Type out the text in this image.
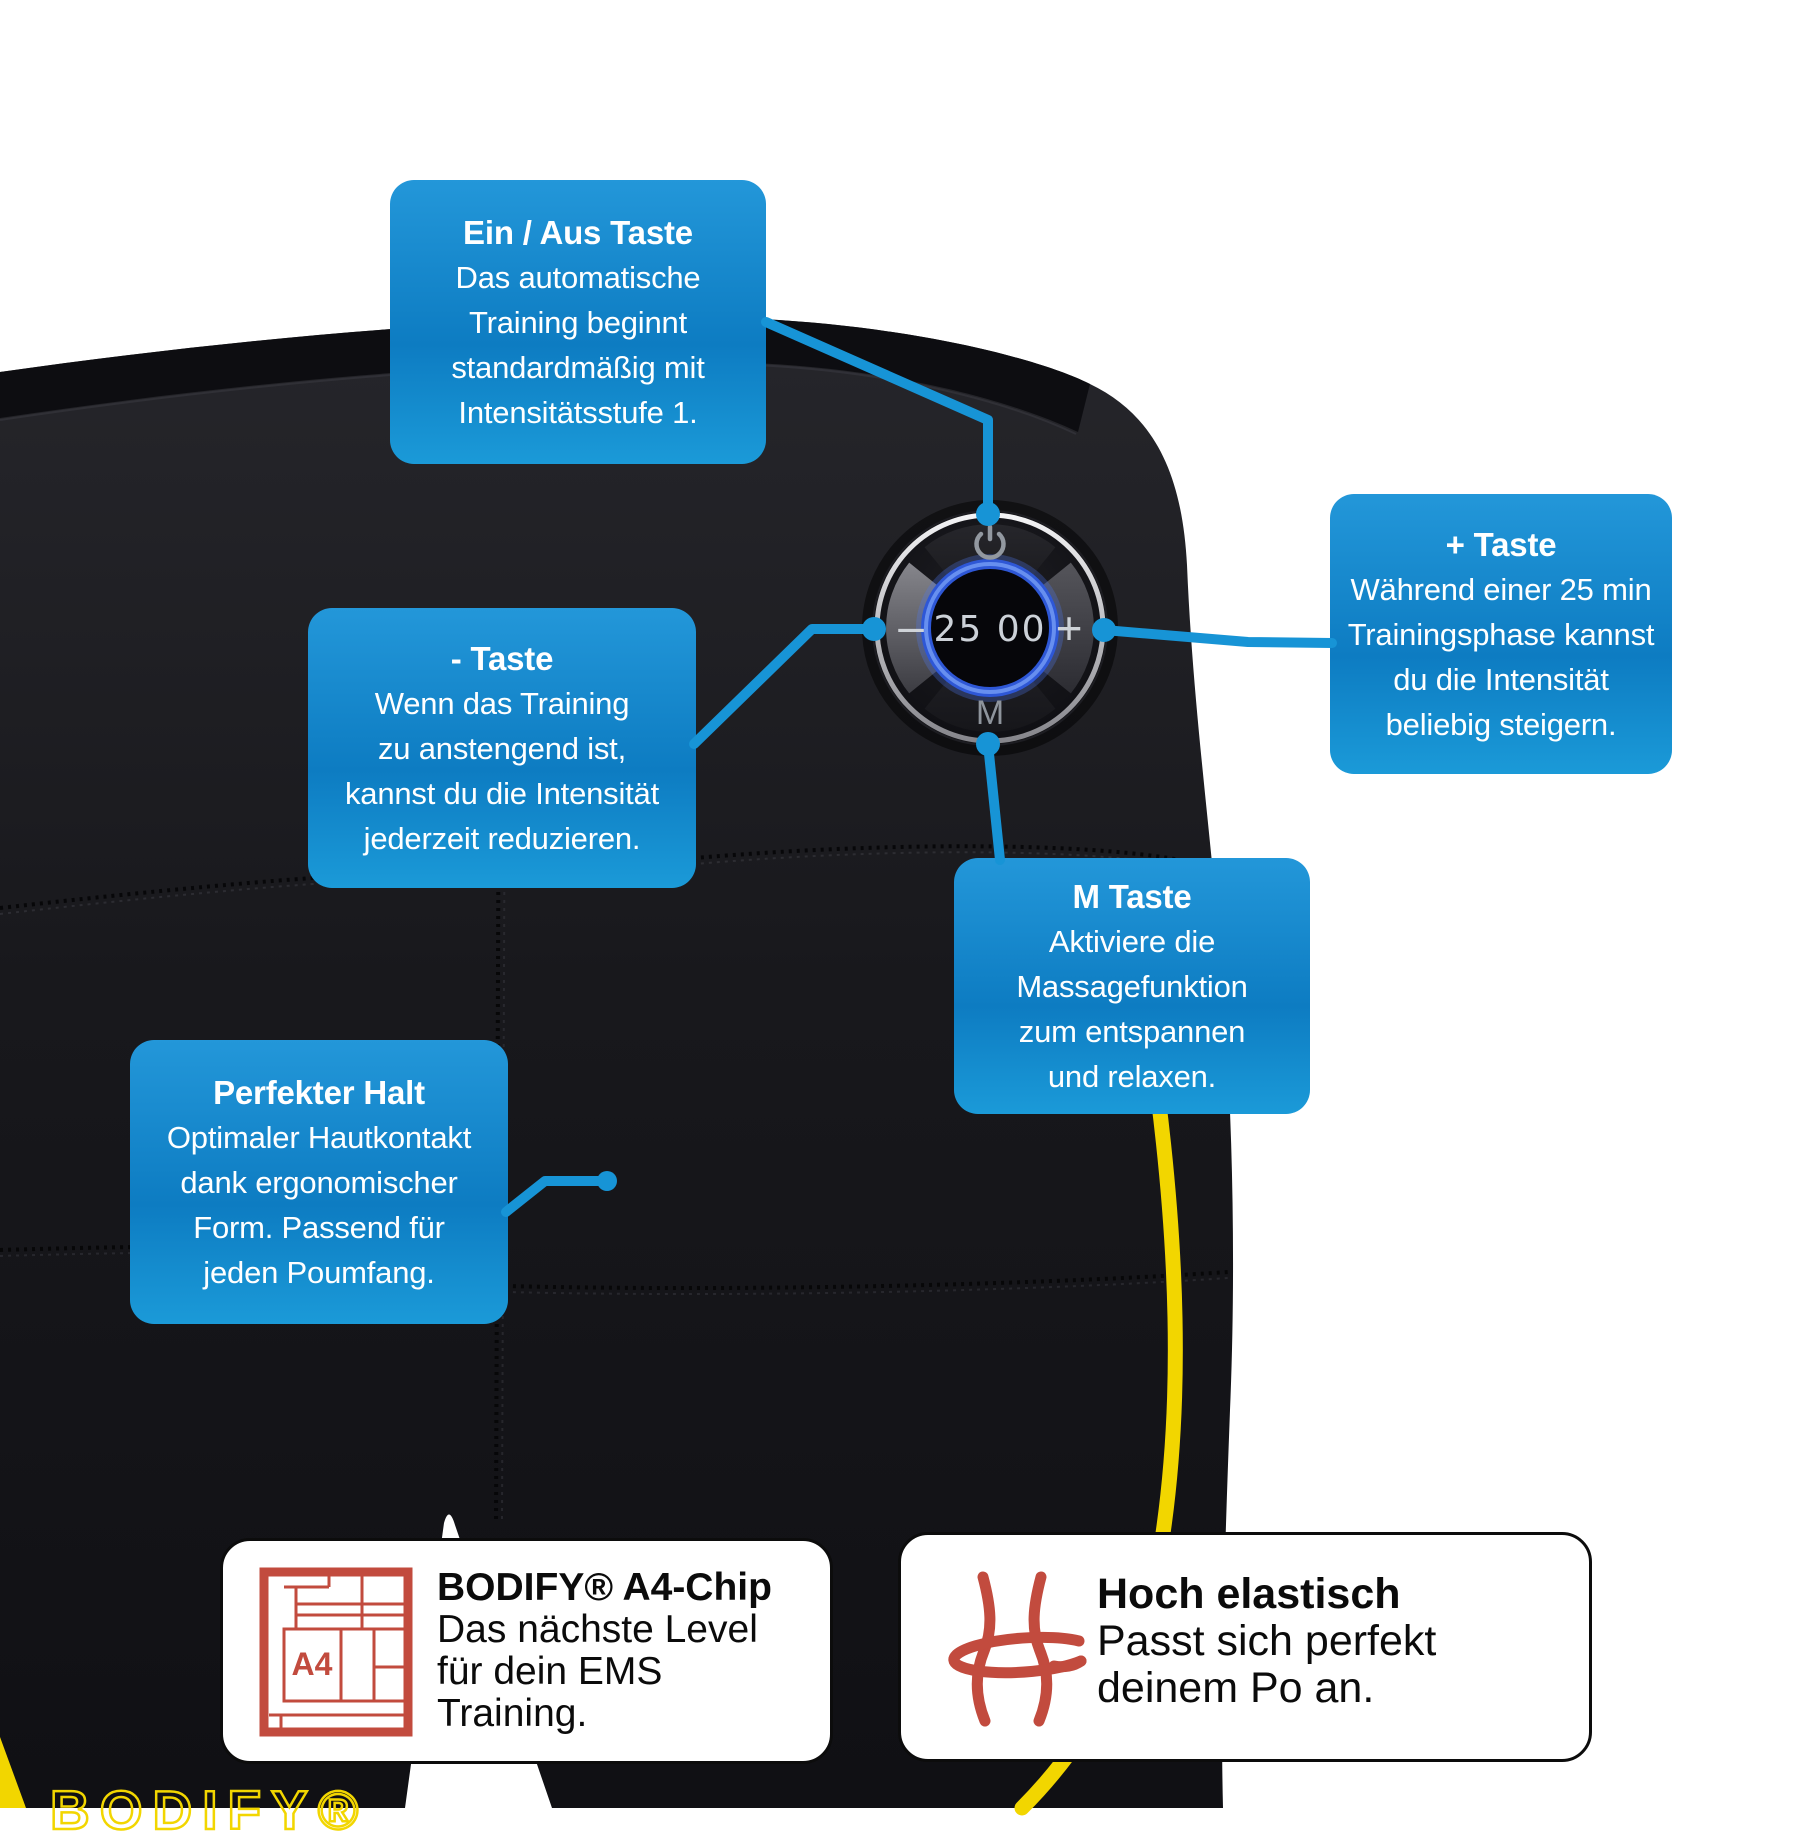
25 00
–	+
M
Ein / Aus Taste
Das automatische
Training beginnt
standardmäßig mit
Intensitätsstufe 1.
- Taste
Wenn das Training
zu anstengend ist,
kannst du die Intensität
jederzeit reduzieren.
+ Taste
Während einer 25 min
Trainingsphase kannst
du die Intensität
beliebig steigern.
M Taste
Aktiviere die
Massagefunktion
zum entspannen
und relaxen.
Perfekter Halt
Optimaler Hautkontakt
dank ergonomischer
Form. Passend für
jeden Poumfang.
A4
BODIFY® A4-Chip
Das nächste Level
für dein EMS
Training.
Hoch elastisch
Passt sich perfekt
deinem Po an.
BODIFY®
